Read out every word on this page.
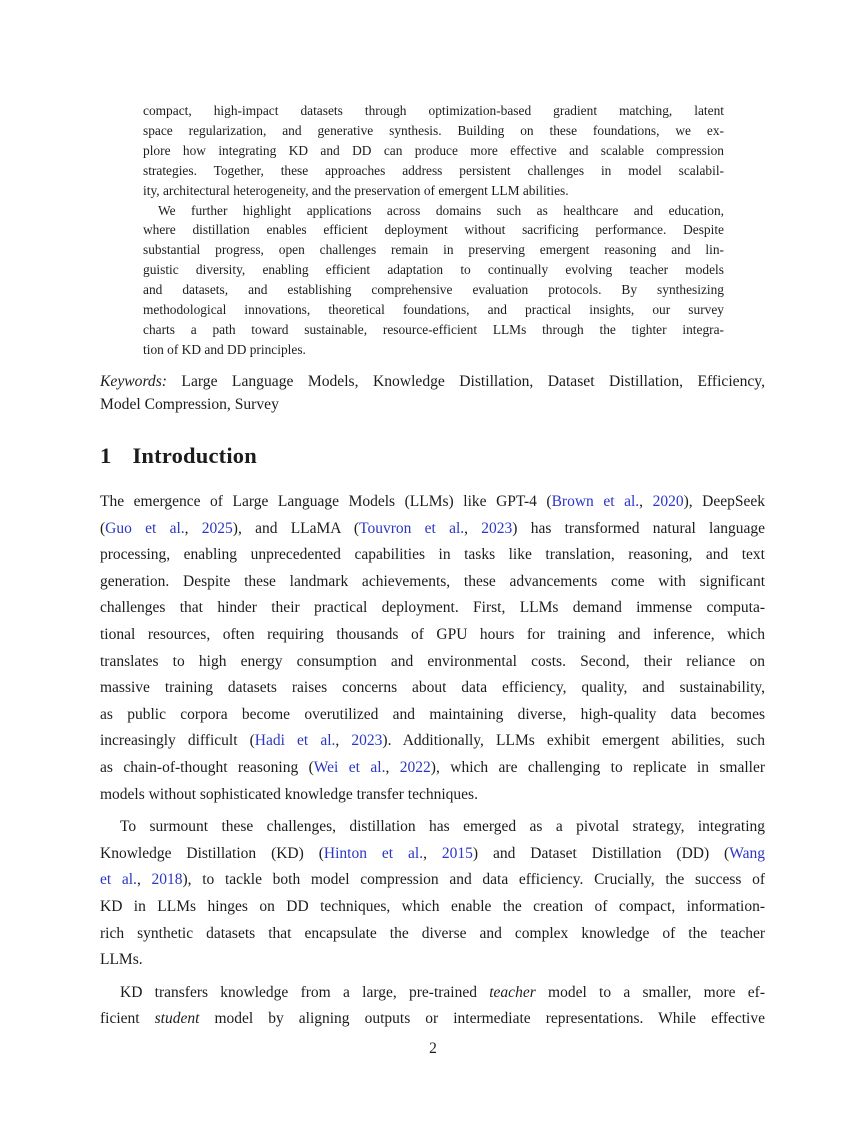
compact, high-impact datasets through optimization-based gradient matching, latent
space regularization, and generative synthesis. Building on these foundations, we ex-
plore how integrating KD and DD can produce more effective and scalable compression
strategies. Together, these approaches address persistent challenges in model scalabil-
ity, architectural heterogeneity, and the preservation of emergent LLM abilities.
We further highlight applications across domains such as healthcare and education,
where distillation enables efficient deployment without sacrificing performance. Despite
substantial progress, open challenges remain in preserving emergent reasoning and lin-
guistic diversity, enabling efficient adaptation to continually evolving teacher models
and datasets, and establishing comprehensive evaluation protocols. By synthesizing
methodological innovations, theoretical foundations, and practical insights, our survey
charts a path toward sustainable, resource-efficient LLMs through the tighter integra-
tion of KD and DD principles.
Keywords: Large Language Models, Knowledge Distillation, Dataset Distillation, Efficiency,
Model Compression, Survey
1 Introduction
The emergence of Large Language Models (LLMs) like GPT-4 (Brown et al., 2020), DeepSeek
(Guo et al., 2025), and LLaMA (Touvron et al., 2023) has transformed natural language
processing, enabling unprecedented capabilities in tasks like translation, reasoning, and text
generation. Despite these landmark achievements, these advancements come with significant
challenges that hinder their practical deployment. First, LLMs demand immense computa-
tional resources, often requiring thousands of GPU hours for training and inference, which
translates to high energy consumption and environmental costs. Second, their reliance on
massive training datasets raises concerns about data efficiency, quality, and sustainability,
as public corpora become overutilized and maintaining diverse, high-quality data becomes
increasingly difficult (Hadi et al., 2023). Additionally, LLMs exhibit emergent abilities, such
as chain-of-thought reasoning (Wei et al., 2022), which are challenging to replicate in smaller
models without sophisticated knowledge transfer techniques.
To surmount these challenges, distillation has emerged as a pivotal strategy, integrating
Knowledge Distillation (KD) (Hinton et al., 2015) and Dataset Distillation (DD) (Wang
et al., 2018), to tackle both model compression and data efficiency. Crucially, the success of
KD in LLMs hinges on DD techniques, which enable the creation of compact, information-
rich synthetic datasets that encapsulate the diverse and complex knowledge of the teacher
LLMs.
KD transfers knowledge from a large, pre-trained teacher model to a smaller, more ef-
ficient student model by aligning outputs or intermediate representations. While effective
2
